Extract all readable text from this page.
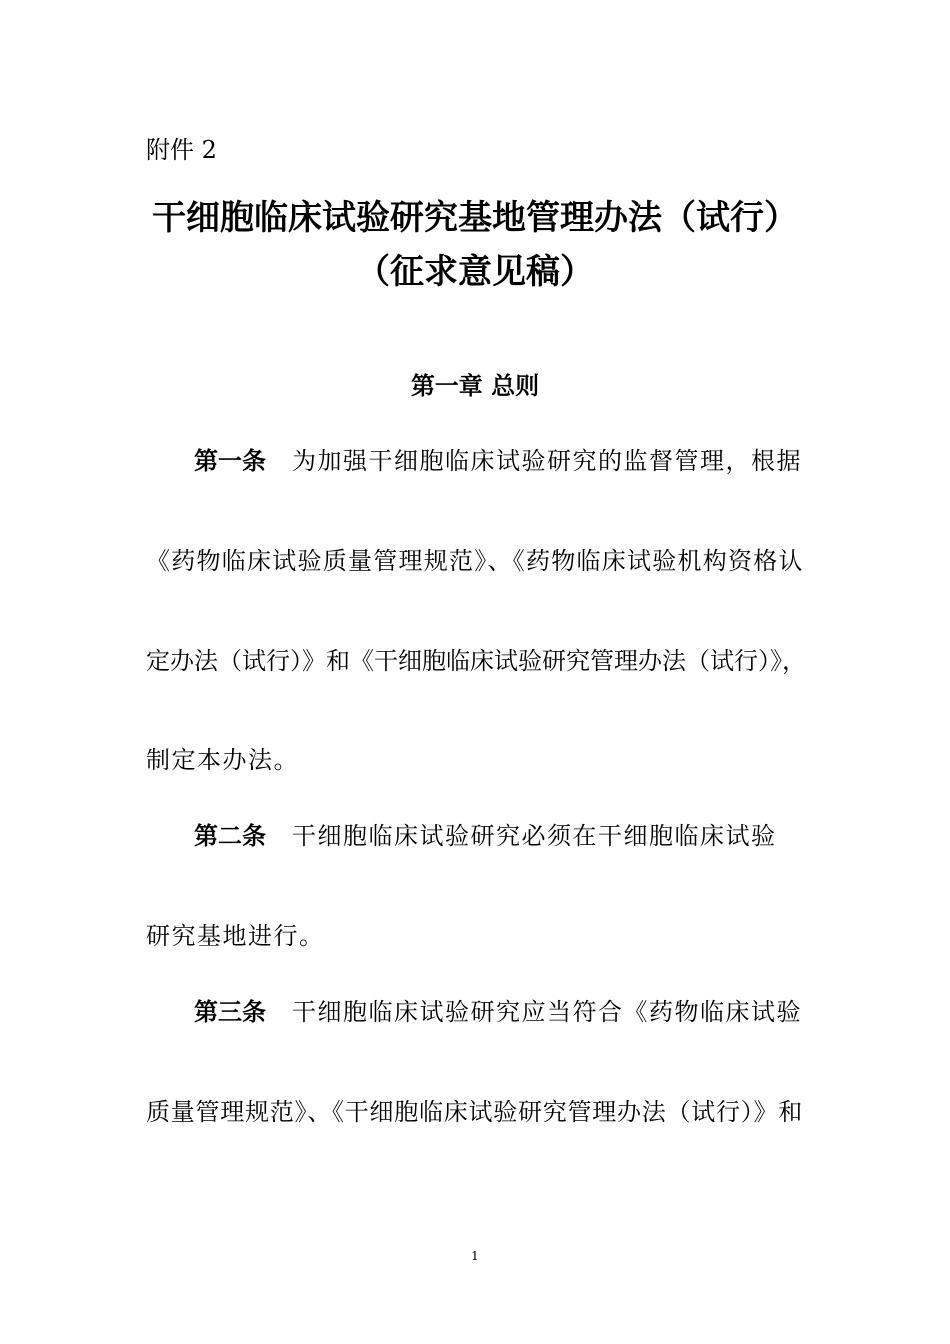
附件 2
干细胞临床试验研究基地管理办法（试行）
（征求意见稿）
第一章 总则
第一条 为加强干细胞临床试验研究的监督管理，根据
《药物临床试验质量管理规范》、《药物临床试验机构资格认
定办法（试行）》和《干细胞临床试验研究管理办法（试行）》，
制定本办法。
第二条 干细胞临床试验研究必须在干细胞临床试验
研究基地进行。
第三条 干细胞临床试验研究应当符合《药物临床试验
质量管理规范》、《干细胞临床试验研究管理办法（试行）》和
1
